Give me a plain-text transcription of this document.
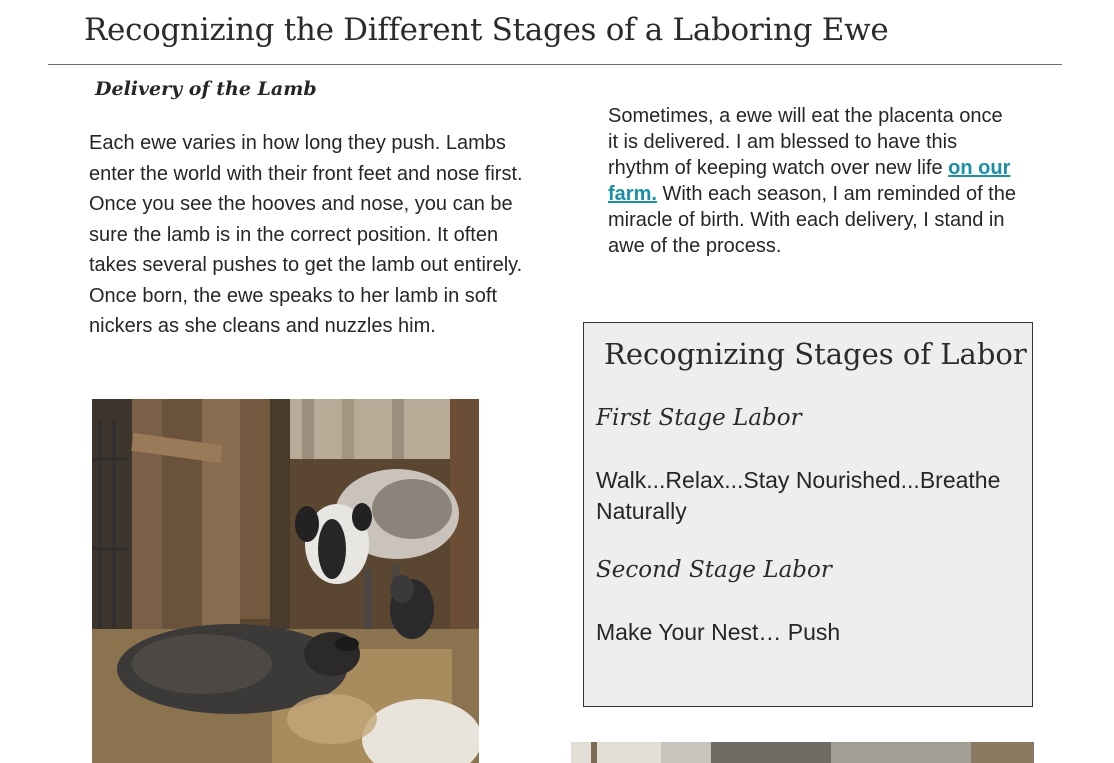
Recognizing the Different Stages of a Laboring Ewe
Delivery of the Lamb

Each ewe varies in how long they push. Lambs enter the world with their front feet and nose first. Once you see the hooves and nose, you can be sure the lamb is in the correct position. It often takes several pushes to get the lamb out entirely. Once born, the ewe speaks to her lamb in soft nickers as she cleans and nuzzles him.

Sometimes, a ewe will eat the placenta once it is delivered. I am blessed to have this rhythm of keeping watch over new life on our farm. With each season, I am reminded of the miracle of birth. With each delivery, I stand in awe of the process.

Recognizing Stages of Labor
First Stage Labor

Walk...Relax...Stay Nourished...Breathe Naturally

Second Stage Labor

Make Your Nest… Push
